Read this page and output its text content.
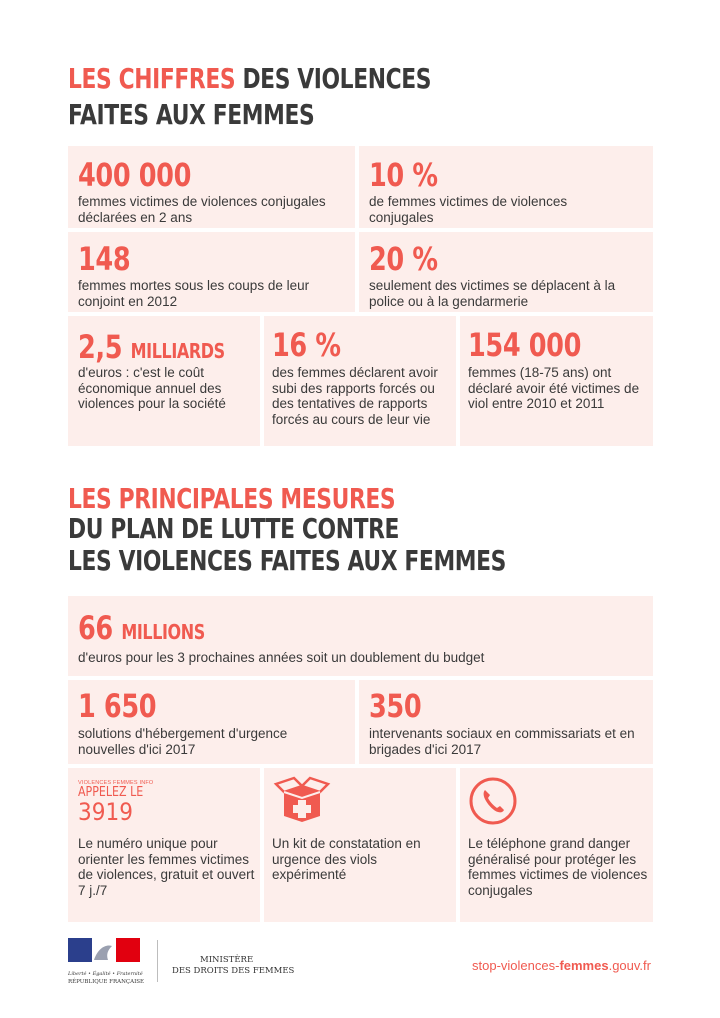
LES CHIFFRES DES VIOLENCES
FAITES AUX FEMMES
400 000
femmes victimes de violences conjugales déclarées en 2 ans
10 %
de femmes victimes de violences conjugales
148
femmes mortes sous les coups de leur conjoint en 2012
20 %
seulement des victimes se déplacent à la police ou à la gendarmerie
2,5 MILLIARDS
d'euros : c'est le coût économique annuel des violences pour la société
16 %
des femmes déclarent avoir subi des rapports forcés ou des tentatives de rapports forcés au cours de leur vie
154 000
femmes (18-75 ans) ont déclaré avoir été victimes de viol entre 2010 et 2011
LES PRINCIPALES MESURES
DU PLAN DE LUTTE CONTRE
LES VIOLENCES FAITES AUX FEMMES
66 MILLIONS
d'euros pour les 3 prochaines années soit un doublement du budget
1 650
solutions d'hébergement d'urgence nouvelles d'ici 2017
350
intervenants sociaux en commissariats et en brigades d'ici 2017
VIOLENCES FEMMES INFO
APPELEZ LE
3919
Le numéro unique pour orienter les femmes victimes de violences, gratuit et ouvert 7 j./7
Un kit de constatation en urgence des viols expérimenté
Le téléphone grand danger généralisé pour protéger les femmes victimes de violences conjugales
Liberté • Égalité • Fraternité
RÉPUBLIQUE FRANÇAISE
MINISTÈRE
DES DROITS DES FEMMES	stop-violences-femmes.gouv.fr
